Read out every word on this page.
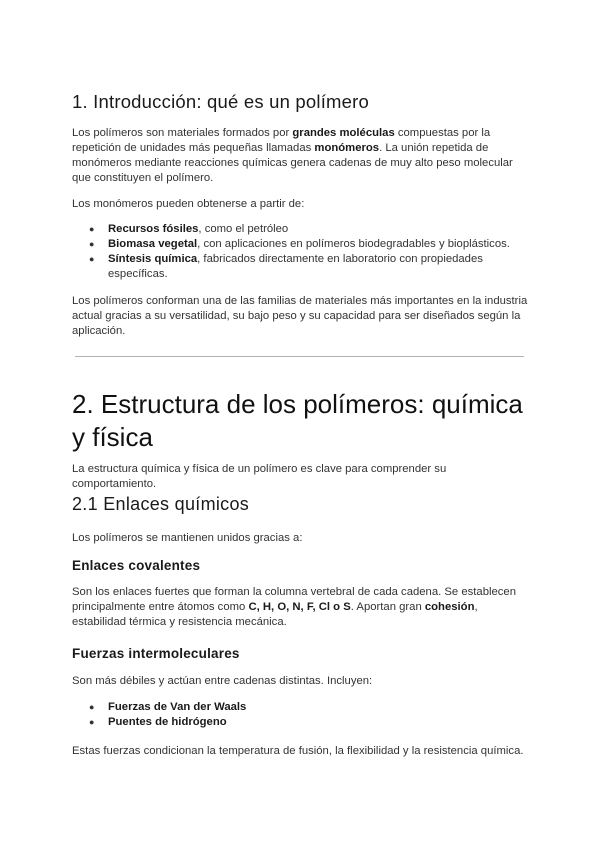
1. Introducción: qué es un polímero

Los polímeros son materiales formados por grandes moléculas compuestas por la repetición de unidades más pequeñas llamadas monómeros. La unión repetida de monómeros mediante reacciones químicas genera cadenas de muy alto peso molecular que constituyen el polímero.

Los monómeros pueden obtenerse a partir de:

● Recursos fósiles, como el petróleo
● Biomasa vegetal, con aplicaciones en polímeros biodegradables y bioplásticos.
● Síntesis química, fabricados directamente en laboratorio con propiedades específicas.

Los polímeros conforman una de las familias de materiales más importantes en la industria actual gracias a su versatilidad, su bajo peso y su capacidad para ser diseñados según la aplicación.

2. Estructura de los polímeros: química y física

La estructura química y física de un polímero es clave para comprender su comportamiento.

2.1 Enlaces químicos

Los polímeros se mantienen unidos gracias a:

Enlaces covalentes

Son los enlaces fuertes que forman la columna vertebral de cada cadena. Se establecen principalmente entre átomos como C, H, O, N, F, Cl o S. Aportan gran cohesión, estabilidad térmica y resistencia mecánica.

Fuerzas intermoleculares

Son más débiles y actúan entre cadenas distintas. Incluyen:

● Fuerzas de Van der Waals
● Puentes de hidrógeno

Estas fuerzas condicionan la temperatura de fusión, la flexibilidad y la resistencia química.
